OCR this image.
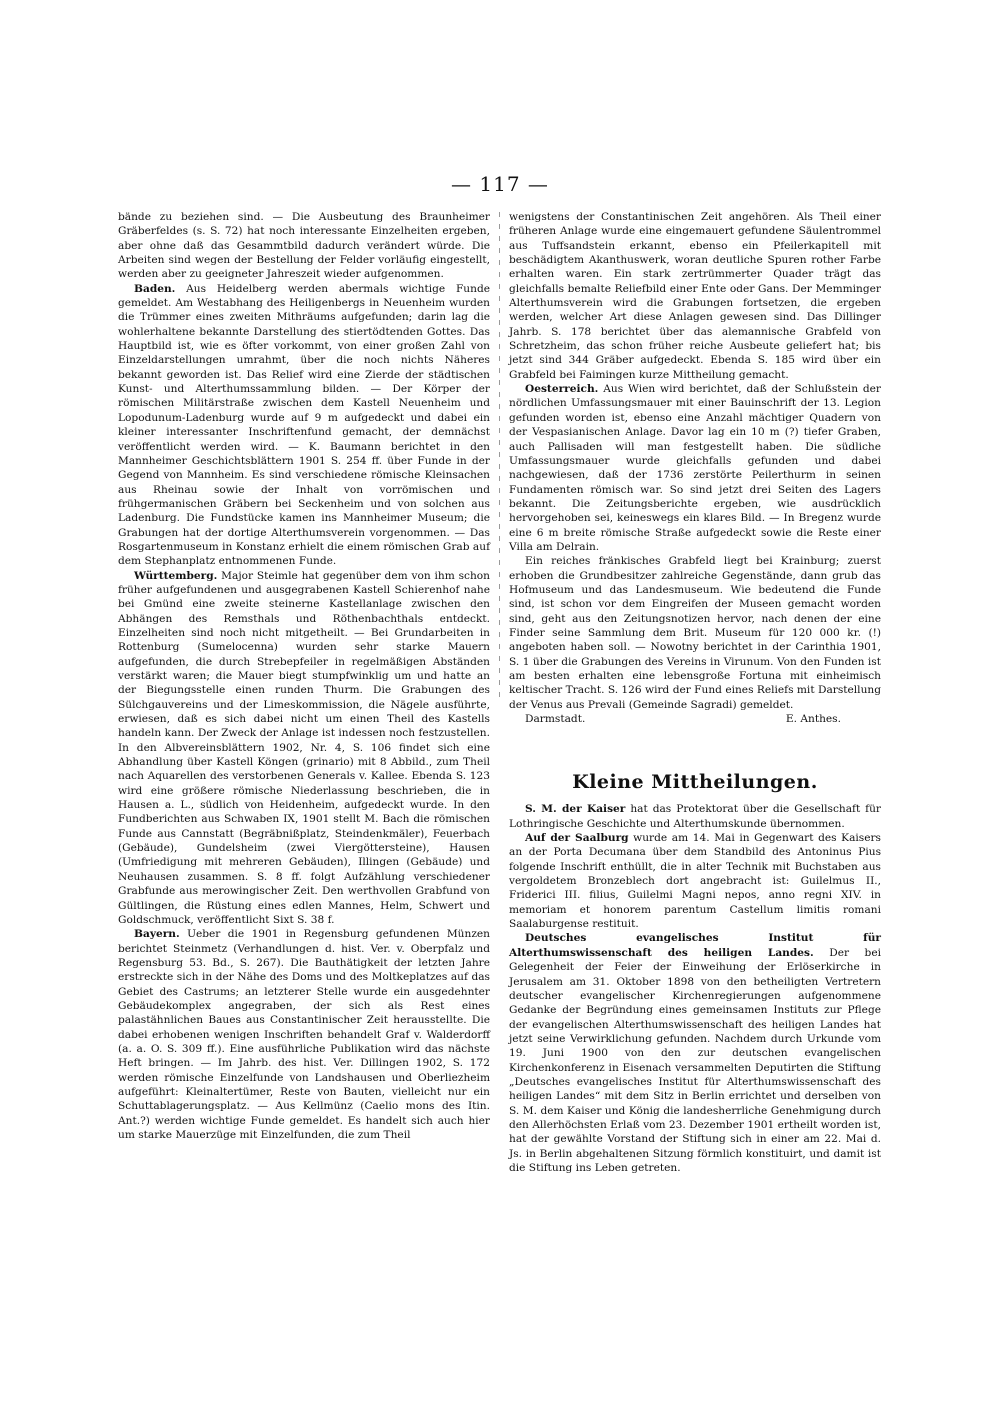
— 117 —

bände zu beziehen sind. — Die Ausbeutung des Braunheimer Gräberfeldes (s. S. 72) hat noch interessante Einzelheiten ergeben, aber ohne daß das Gesammtbild dadurch verändert würde. Die Arbeiten sind wegen der Bestellung der Felder vorläufig eingestellt, werden aber zu geeigneter Jahreszeit wieder aufgenommen.

Baden. Aus Heidelberg werden abermals wichtige Funde gemeldet. Am Westabhang des Heiligenbergs in Neuenheim wurden die Trümmer eines zweiten Mithräums aufgefunden; darin lag die wohlerhaltene bekannte Darstellung des stiertödtenden Gottes. Das Hauptbild ist, wie es öfter vorkommt, von einer großen Zahl von Einzeldarstellungen umrahmt, über die noch nichts Näheres bekannt geworden ist. Das Relief wird eine Zierde der städtischen Kunst- und Alterthumssammlung bilden. — Der Körper der römischen Militärstraße zwischen dem Kastell Neuenheim und Lopodunum-Ladenburg wurde auf 9 m aufgedeckt und dabei ein kleiner interessanter Inschriftenfund gemacht, der demnächst veröffentlicht werden wird. — K. Baumann berichtet in den Mannheimer Geschichtsblättern 1901 S. 254 ff. über Funde in der Gegend von Mannheim. Es sind verschiedene römische Kleinsachen aus Rheinau sowie der Inhalt von vorrömischen und frühgermanischen Gräbern bei Seckenheim und von solchen aus Ladenburg. Die Fundstücke kamen ins Mannheimer Museum; die Grabungen hat der dortige Alterthumsverein vorgenommen. — Das Rosgartenmuseum in Konstanz erhielt die einem römischen Grab auf dem Stephanplatz entnommenen Funde.

Württemberg. Major Steimle hat gegenüber dem von ihm schon früher aufgefundenen und ausgegrabenen Kastell Schierenhof nahe bei Gmünd eine zweite steinerne Kastellanlage zwischen den Abhängen des Remsthals und Röthenbachthals entdeckt. Einzelheiten sind noch nicht mitgetheilt. — Bei Grundarbeiten in Rottenburg (Sumelocenna) wurden sehr starke Mauern aufgefunden, die durch Strebepfeiler in regelmäßigen Abständen verstärkt waren; die Mauer biegt stumpfwinklig um und hatte an der Biegungsstelle einen runden Thurm. Die Grabungen des Sülchgauvereins und der Limeskommission, die Nägele ausführte, erwiesen, daß es sich dabei nicht um einen Theil des Kastells handeln kann. Der Zweck der Anlage ist indessen noch festzustellen. In den Albvereinsblättern 1902, Nr. 4, S. 106 findet sich eine Abhandlung über Kastell Köngen (grinario) mit 8 Abbild., zum Theil nach Aquarellen des verstorbenen Generals v. Kallee. Ebenda S. 123 wird eine größere römische Niederlassung beschrieben, die in Hausen a. L., südlich von Heidenheim, aufgedeckt wurde. In den Fundberichten aus Schwaben IX, 1901 stellt M. Bach die römischen Funde aus Cannstatt (Begräbnißplatz, Steindenkmäler), Feuerbach (Gebäude), Gundelsheim (zwei Viergöttersteine), Hausen (Umfriedigung mit mehreren Gebäuden), Illingen (Gebäude) und Neuhausen zusammen. S. 8 ff. folgt Aufzählung verschiedener Grabfunde aus merowingischer Zeit. Den werthvollen Grabfund von Gültlingen, die Rüstung eines edlen Mannes, Helm, Schwert und Goldschmuck, veröffentlicht Sixt S. 38 f.

Bayern. Ueber die 1901 in Regensburg gefundenen Münzen berichtet Steinmetz (Verhandlungen d. hist. Ver. v. Oberpfalz und Regensburg 53. Bd., S. 267). Die Bauthätigkeit der letzten Jahre erstreckte sich in der Nähe des Doms und des Moltkeplatzes auf das Gebiet des Castrums; an letzterer Stelle wurde ein ausgedehnter Gebäudekomplex angegraben, der sich als Rest eines palastähnlichen Baues aus Constantinischer Zeit herausstellte. Die dabei erhobenen wenigen Inschriften behandelt Graf v. Walderdorff (a. a. O. S. 309 ff.). Eine ausführliche Publikation wird das nächste Heft bringen. — Im Jahrb. des hist. Ver. Dillingen 1902, S. 172 werden römische Einzelfunde von Landshausen und Oberliezheim aufgeführt: Kleinaltertümer, Reste von Bauten, vielleicht nur ein Schuttablagerungsplatz. — Aus Kellmünz (Caelio mons des Itin. Ant.?) werden wichtige Funde gemeldet. Es handelt sich auch hier um starke Mauerzüge mit Einzelfunden, die zum Theil

wenigstens der Constantinischen Zeit angehören. Als Theil einer früheren Anlage wurde eine eingemauert gefundene Säulentrommel aus Tuffsandstein erkannt, ebenso ein Pfeilerkapitell mit beschädigtem Akanthuswerk, woran deutliche Spuren rother Farbe erhalten waren. Ein stark zertrümmerter Quader trägt das gleichfalls bemalte Reliefbild einer Ente oder Gans. Der Memminger Alterthumsverein wird die Grabungen fortsetzen, die ergeben werden, welcher Art diese Anlagen gewesen sind. Das Dillinger Jahrb. S. 178 berichtet über das alemannische Grabfeld von Schretzheim, das schon früher reiche Ausbeute geliefert hat; bis jetzt sind 344 Gräber aufgedeckt. Ebenda S. 185 wird über ein Grabfeld bei Faimingen kurze Mittheilung gemacht.

Oesterreich. Aus Wien wird berichtet, daß der Schlußstein der nördlichen Umfassungsmauer mit einer Bauinschrift der 13. Legion gefunden worden ist, ebenso eine Anzahl mächtiger Quadern von der Vespasianischen Anlage. Davor lag ein 10 m (?) tiefer Graben, auch Pallisaden will man festgestellt haben. Die südliche Umfassungsmauer wurde gleichfalls gefunden und dabei nachgewiesen, daß der 1736 zerstörte Peilerthurm in seinen Fundamenten römisch war. So sind jetzt drei Seiten des Lagers bekannt. Die Zeitungsberichte ergeben, wie ausdrücklich hervorgehoben sei, keineswegs ein klares Bild. — In Bregenz wurde eine 6 m breite römische Straße aufgedeckt sowie die Reste einer Villa am Delrain.

Ein reiches fränkisches Grabfeld liegt bei Krainburg; zuerst erhoben die Grundbesitzer zahlreiche Gegenstände, dann grub das Hofmuseum und das Landesmuseum. Wie bedeutend die Funde sind, ist schon vor dem Eingreifen der Museen gemacht worden sind, geht aus den Zeitungsnotizen hervor, nach denen der eine Finder seine Sammlung dem Brit. Museum für 120 000 kr. (!) angeboten haben soll. — Nowotny berichtet in der Carinthia 1901, S. 1 über die Grabungen des Vereins in Virunum. Von den Funden ist am besten erhalten eine lebensgroße Fortuna mit einheimisch keltischer Tracht. S. 126 wird der Fund eines Reliefs mit Darstellung der Venus aus Prevali (Gemeinde Sagradi) gemeldet.

Darmstadt.	E. Anthes.
Kleine Mittheilungen.

S. M. der Kaiser hat das Protektorat über die Gesellschaft für Lothringische Geschichte und Alterthumskunde übernommen.

Auf der Saalburg wurde am 14. Mai in Gegenwart des Kaisers an der Porta Decumana über dem Standbild des Antoninus Pius folgende Inschrift enthüllt, die in alter Technik mit Buchstaben aus vergoldetem Bronzeblech dort angebracht ist: Guilelmus II., Friderici III. filius, Guilelmi Magni nepos, anno regni XIV. in memoriam et honorem parentum Castellum limitis romani Saalaburgense restituit.

Deutsches evangelisches Institut für Alterthumswissenschaft des heiligen Landes. Der bei Gelegenheit der Feier der Einweihung der Erlöserkirche in Jerusalem am 31. Oktober 1898 von den betheiligten Vertretern deutscher evangelischer Kirchenregierungen aufgenommene Gedanke der Begründung eines gemeinsamen Instituts zur Pflege der evangelischen Alterthumswissenschaft des heiligen Landes hat jetzt seine Verwirklichung gefunden. Nachdem durch Urkunde vom 19. Juni 1900 von den zur deutschen evangelischen Kirchenkonferenz in Eisenach versammelten Deputirten die Stiftung „Deutsches evangelisches Institut für Alterthumswissenschaft des heiligen Landes“ mit dem Sitz in Berlin errichtet und derselben von S. M. dem Kaiser und König die landesherrliche Genehmigung durch den Allerhöchsten Erlaß vom 23. Dezember 1901 ertheilt worden ist, hat der gewählte Vorstand der Stiftung sich in einer am 22. Mai d. Js. in Berlin abgehaltenen Sitzung förmlich konstituirt, und damit ist die Stiftung ins Leben getreten.
